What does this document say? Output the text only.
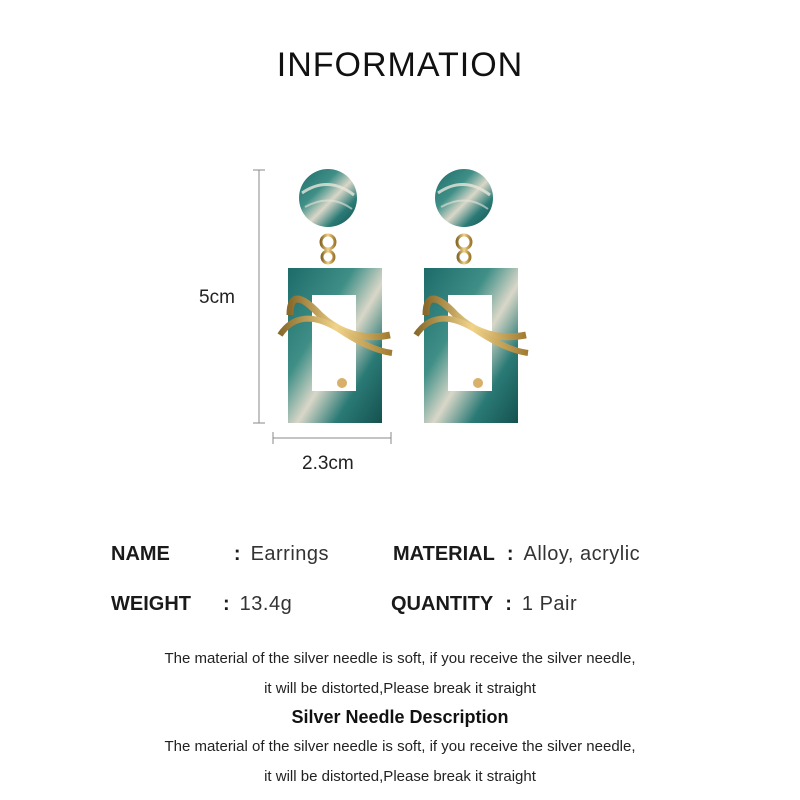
INFORMATION
5cm
2.3cm
NAME	: Earrings	MATERIAL : Alloy, acrylic
WEIGHT : 13.4g	QUANTITY : 1 Pair
The material of the silver needle is soft, if you receive the silver needle,
it will be distorted,Please break it straight
Silver Needle Description
The material of the silver needle is soft, if you receive the silver needle,
it will be distorted,Please break it straight
